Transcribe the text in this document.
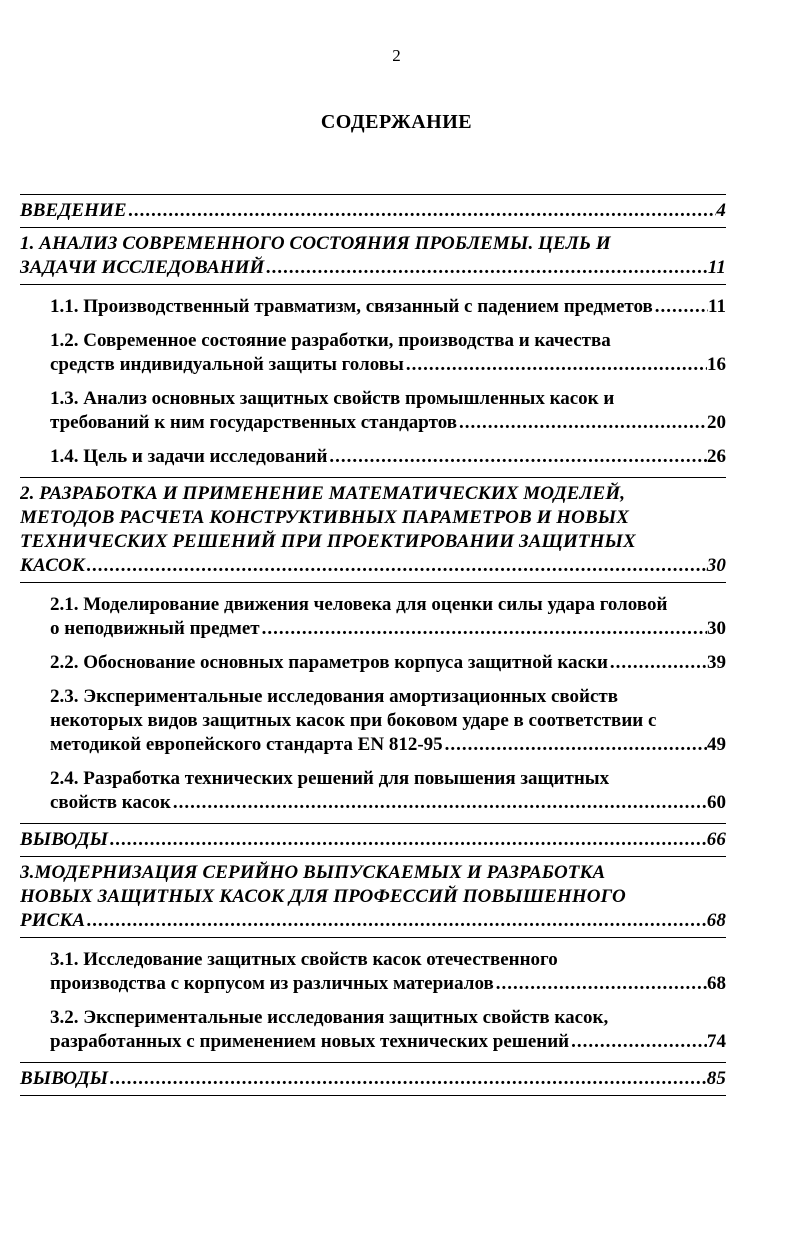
2
СОДЕРЖАНИЕ
ВВЕДЕНИЕ .....	4
1. АНАЛИЗ СОВРЕМЕННОГО СОСТОЯНИЯ ПРОБЛЕМЫ. ЦЕЛЬ И
ЗАДАЧИ ИССЛЕДОВАНИЙ .....	11
1.1. Производственный травматизм, связанный с падением предметов .....	11
1.2. Современное состояние разработки, производства и качества
средств индивидуальной защиты головы .....	16
1.3. Анализ основных защитных свойств промышленных касок и
требований к ним государственных стандартов .....	20
1.4. Цель и задачи исследований .....	26
2. РАЗРАБОТКА И ПРИМЕНЕНИЕ МАТЕМАТИЧЕСКИХ МОДЕЛЕЙ,
МЕТОДОВ РАСЧЕТА КОНСТРУКТИВНЫХ ПАРАМЕТРОВ И НОВЫХ
ТЕХНИЧЕСКИХ РЕШЕНИЙ ПРИ ПРОЕКТИРОВАНИИ ЗАЩИТНЫХ
КАСОК .....	30
2.1. Моделирование движения человека для оценки силы удара головой
о неподвижный предмет .....	30
2.2. Обоснование основных параметров корпуса защитной каски .....	39
2.3. Экспериментальные исследования амортизационных свойств
некоторых видов защитных касок при боковом ударе в соответствии с
методикой европейского стандарта EN 812-95 .....	49
2.4. Разработка технических решений для повышения защитных
свойств касок .....	60
ВЫВОДЫ .....	66
3.МОДЕРНИЗАЦИЯ СЕРИЙНО ВЫПУСКАЕМЫХ И РАЗРАБОТКА
НОВЫХ ЗАЩИТНЫХ КАСОК ДЛЯ ПРОФЕССИЙ ПОВЫШЕННОГО
РИСКА .....	68
3.1. Исследование защитных свойств касок отечественного
производства с корпусом из различных материалов .....	68
3.2. Экспериментальные исследования защитных свойств касок,
разработанных с применением новых технических решений .....	74
ВЫВОДЫ .....	85
